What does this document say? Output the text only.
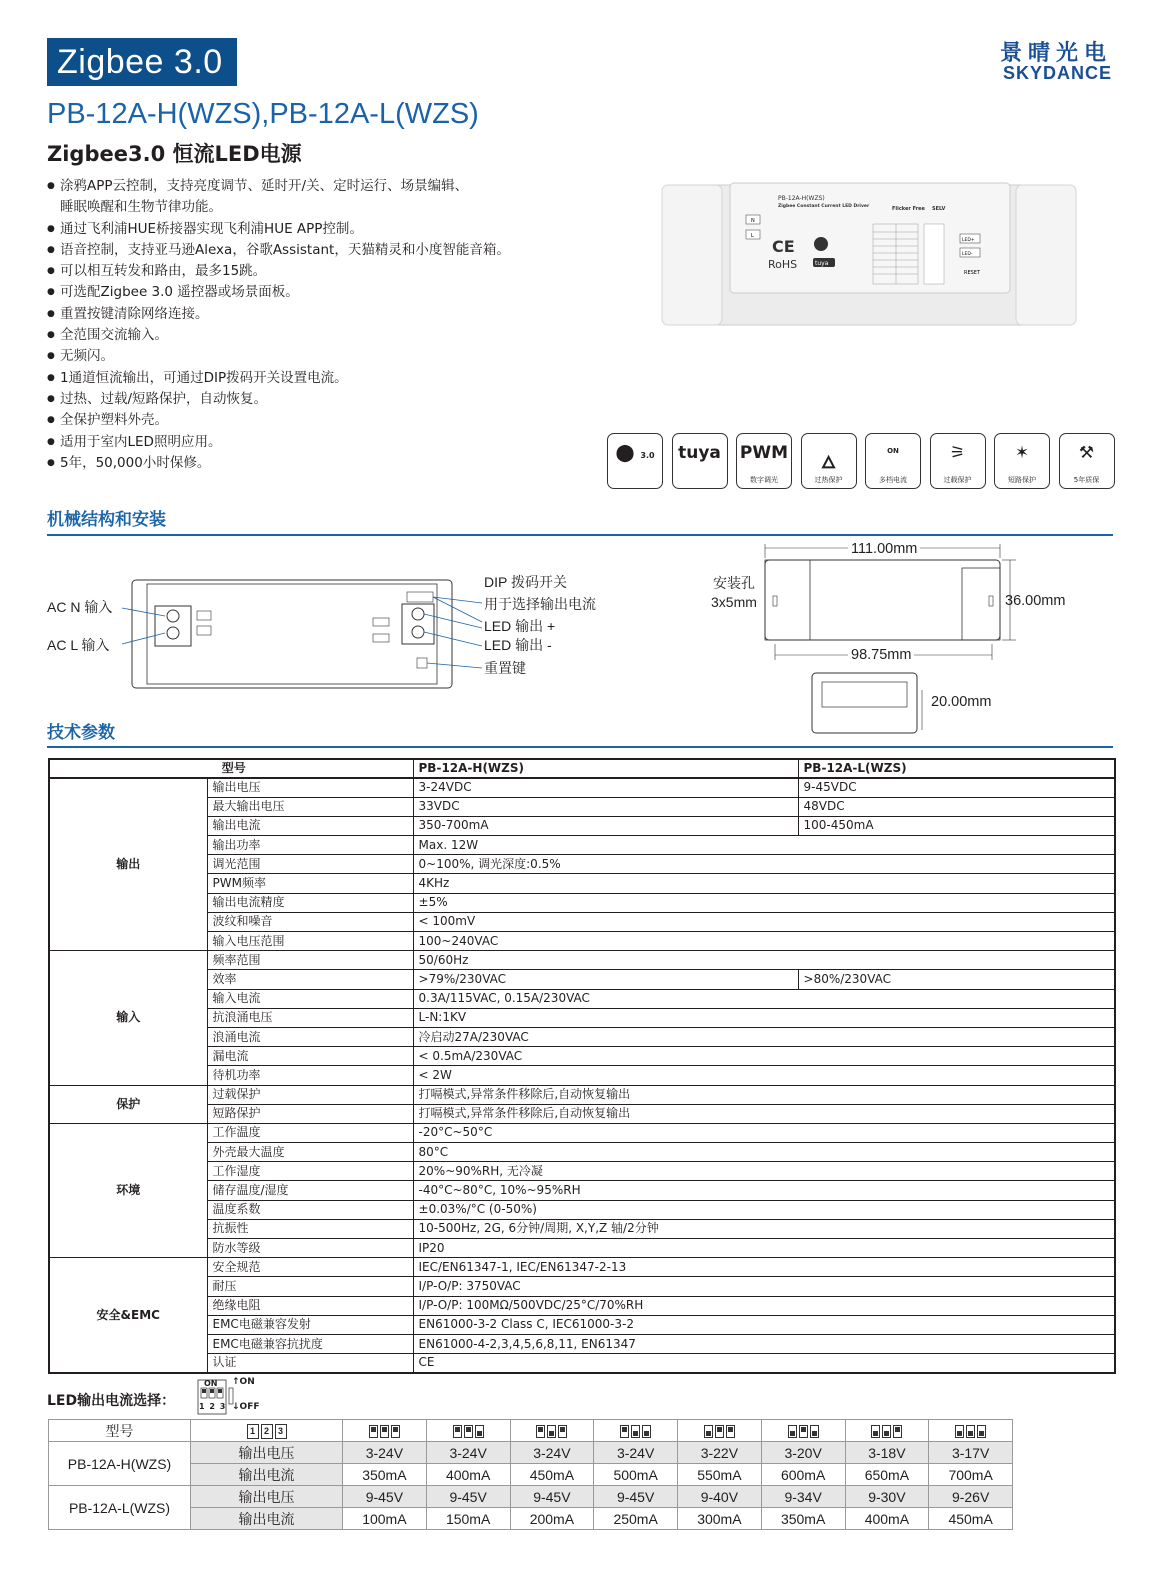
Zigbee 3.0	景晴光电
SKYDANCE
PB-12A-H(WZS),PB-12A-L(WZS)
Zigbee3.0 恒流LED电源
● 涂鸦APP云控制，支持亮度调节、延时开/关、定时运行、场景编辑、
睡眠唤醒和生物节律功能。
● 通过飞利浦HUE桥接器实现飞利浦HUE APP控制。
● 语音控制，支持亚马逊Alexa，谷歌Assistant，天猫精灵和小度智能音箱。
● 可以相互转发和路由，最多15跳。
● 可选配Zigbee 3.0 遥控器或场景面板。
● 重置按键清除网络连接。
● 全范围交流输入。
● 无频闪。
● 1通道恒流输出，可通过DIP拨码开关设置电流。
● 过热、过载/短路保护，自动恢复。
● 全保护塑料外壳。
● 适用于室内LED照明应用。
● 5年，50,000小时保修。
PB-12A-H(WZS)
Zigbee Constant Current LED Driver	Flicker Free SELV
N
L
CE
RoHS	tuya
LED+
LED-
RESET
⬤ 3.0	tuya	PWM
数字调光
🜂
过热保护
ON
多档电流
⚞
过载保护
✶
短路保护
⚒
5年质保
机械结构和安装
AC N 输入
AC L 输入
DIP 拨码开关
用于选择输出电流
LED 输出 +
LED 输出 -
重置键
111.00mm
36.00mm
98.75mm
20.00mm
安装孔
3x5mm
技术参数
型号		PB-12A-H(WZS)	PB-12A-L(WZS)
输出	输出电压	3-24VDC	9-45VDC
	最大输出电压	33VDC	48VDC
	输出电流	350-700mA	100-450mA
	输出功率	Max. 12W	
	调光范围	0~100%, 调光深度:0.5%	
	PWM频率	4KHz	
	输出电流精度	±5%	
	波纹和噪音	< 100mV	
	输入电压范围	100~240VAC	
输入	频率范围	50/60Hz	
	效率	>79%/230VAC	>80%/230VAC
	输入电流	0.3A/115VAC, 0.15A/230VAC	
	抗浪涌电压	L-N:1KV	
	浪涌电流	冷启动27A/230VAC	
	漏电流	< 0.5mA/230VAC	
	待机功率	< 2W	
保护	过载保护	打嗝模式,异常条件移除后,自动恢复输出	
	短路保护	打嗝模式,异常条件移除后,自动恢复输出	
环境	工作温度	-20°C~50°C	
	外壳最大温度	80°C	
	工作湿度	20%~90%RH, 无冷凝	
	储存温度/湿度	-40°C~80°C, 10%~95%RH	
	温度系数	±0.03%/°C (0-50%)	
	抗振性	10-500Hz, 2G, 6分钟/周期, X,Y,Z 轴/2分钟	
	防水等级	IP20	
安全&EMC	安全规范	IEC/EN61347-1, IEC/EN61347-2-13	
	耐压	I/P-O/P: 3750VAC	
	绝缘电阻	I/P-O/P: 100MΩ/500VDC/25°C/70%RH	
	EMC电磁兼容发射	EN61000-3-2 Class C, IEC61000-3-2	
	EMC电磁兼容抗扰度	EN61000-4-2,3,4,5,6,8,11, EN61347	
	认证	CE	
LED输出电流选择：
ON
1 2 3
↑ON
↓OFF
型号	1 2 3								
PB-12A-H(WZS)	输出电压	3-24V	3-24V	3-24V	3-24V	3-22V	3-20V	3-18V	3-17V
	输出电流	350mA	400mA	450mA	500mA	550mA	600mA	650mA	700mA
PB-12A-L(WZS)	输出电压	9-45V	9-45V	9-45V	9-45V	9-40V	9-34V	9-30V	9-26V
	输出电流	100mA	150mA	200mA	250mA	300mA	350mA	400mA	450mA
